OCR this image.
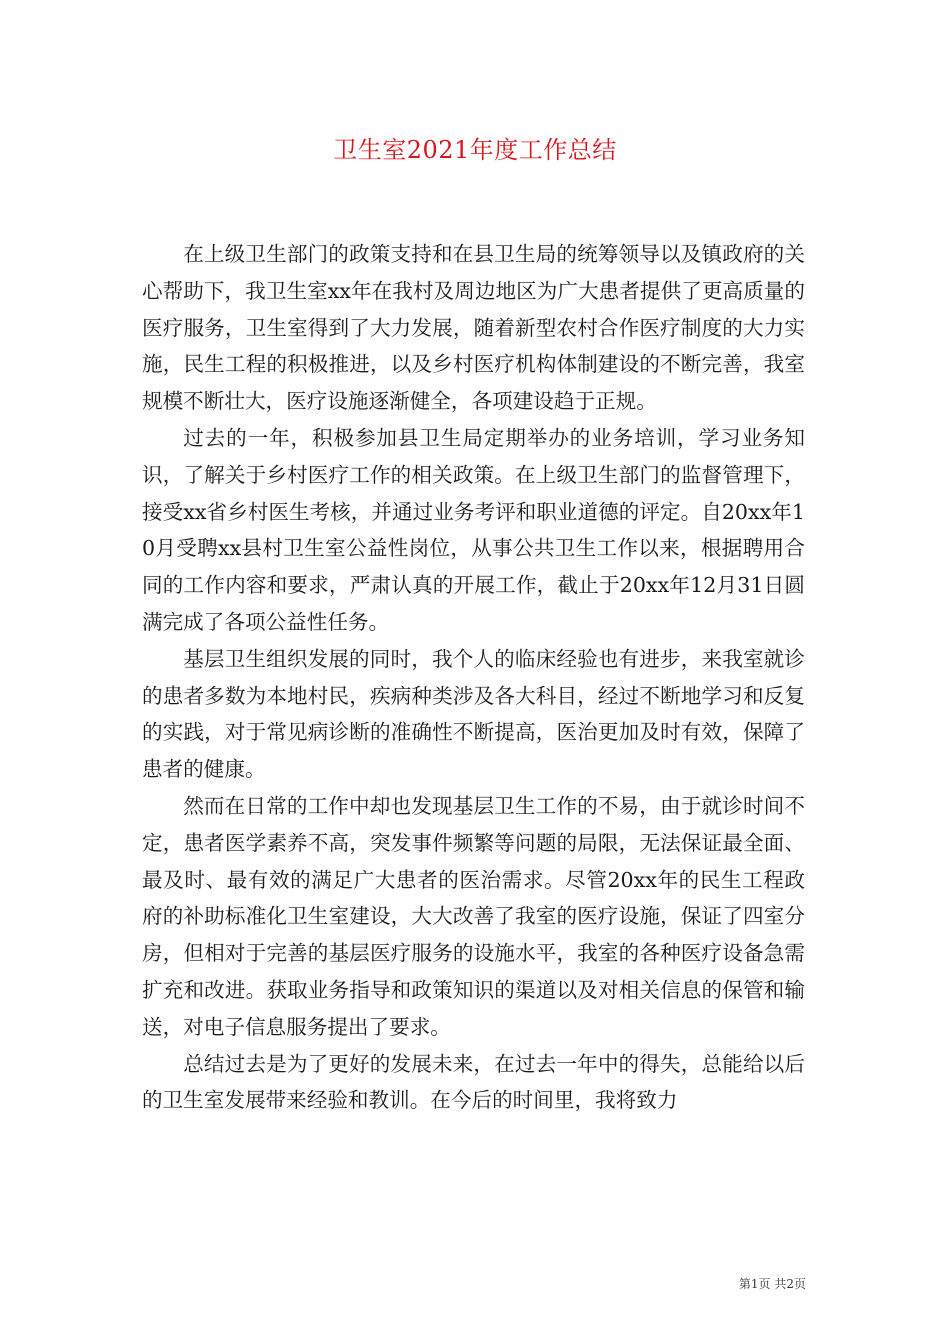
卫生室2021年度工作总结

在上级卫生部门的政策支持和在县卫生局的统筹领导以及镇政府的关心帮助下，我卫生室xx年在我村及周边地区为广大患者提供了更高质量的医疗服务，卫生室得到了大力发展，随着新型农村合作医疗制度的大力实施，民生工程的积极推进，以及乡村医疗机构体制建设的不断完善，我室规模不断壮大，医疗设施逐渐健全，各项建设趋于正规。

过去的一年，积极参加县卫生局定期举办的业务培训，学习业务知识，了解关于乡村医疗工作的相关政策。在上级卫生部门的监督管理下，接受xx省乡村医生考核，并通过业务考评和职业道德的评定。自20xx年10月受聘xx县村卫生室公益性岗位，从事公共卫生工作以来，根据聘用合同的工作内容和要求，严肃认真的开展工作，截止于20xx年12月31日圆满完成了各项公益性任务。

基层卫生组织发展的同时，我个人的临床经验也有进步，来我室就诊的患者多数为本地村民，疾病种类涉及各大科目，经过不断地学习和反复的实践，对于常见病诊断的准确性不断提高，医治更加及时有效，保障了患者的健康。

然而在日常的工作中却也发现基层卫生工作的不易，由于就诊时间不定，患者医学素养不高，突发事件频繁等问题的局限，无法保证最全面、最及时、最有效的满足广大患者的医治需求。尽管20xx年的民生工程政府的补助标准化卫生室建设，大大改善了我室的医疗设施，保证了四室分房，但相对于完善的基层医疗服务的设施水平，我室的各种医疗设备急需扩充和改进。获取业务指导和政策知识的渠道以及对相关信息的保管和输送，对电子信息服务提出了要求。

总结过去是为了更好的发展未来，在过去一年中的得失，总能给以后的卫生室发展带来经验和教训。在今后的时间里，我将致力

第1页 共2页
